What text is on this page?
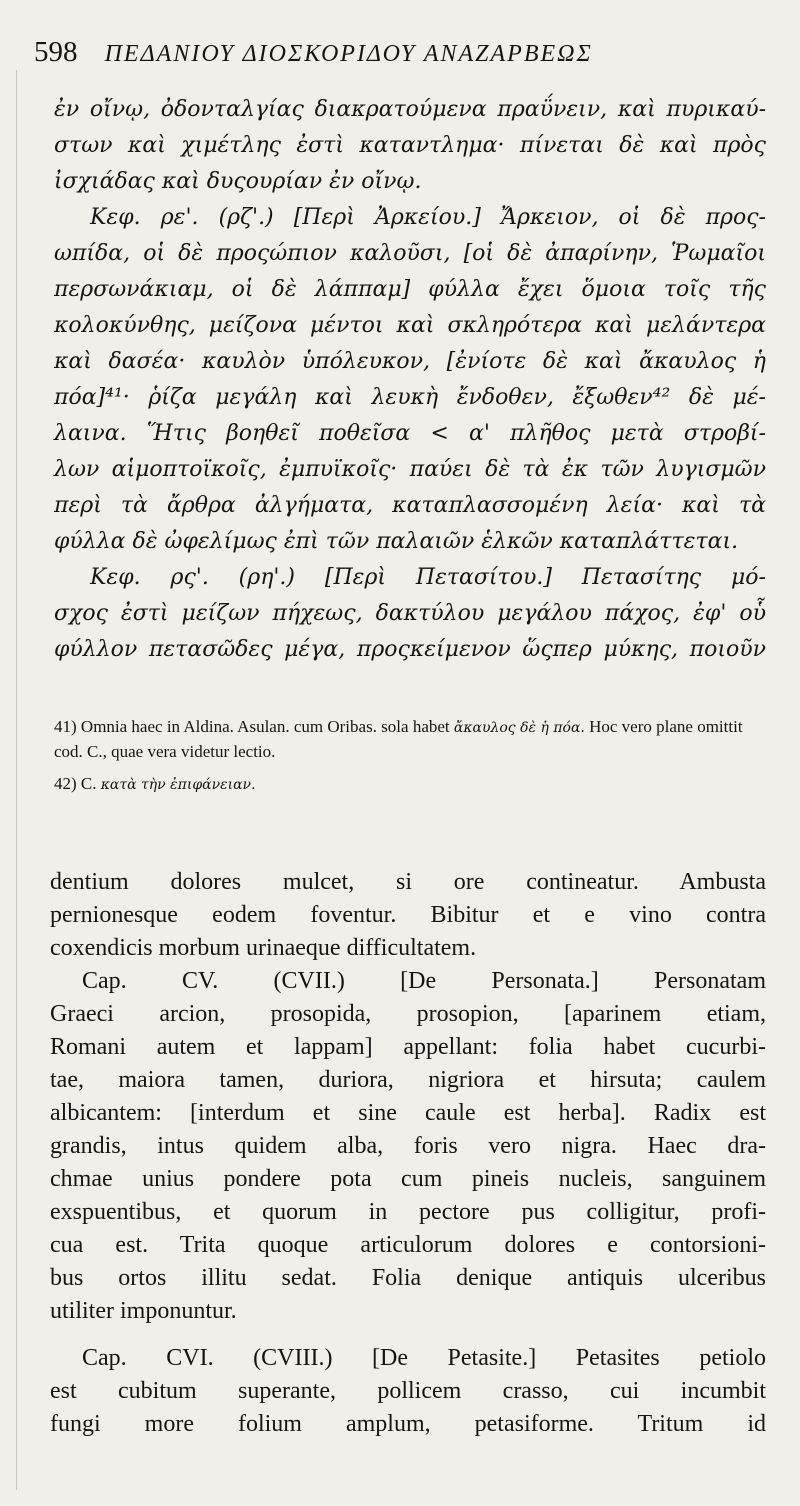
598 ΠΕΔΑΝΙΟΥ ΔΙΟΣΚΟΡΙΔΟΥ ΑΝΑΖΑΡΒΕΩΣ
ἐν οἴνῳ, ὀδονταλγίας διακρατούμενα πραΰνειν, καὶ πυρικαύ-
στων καὶ χιμέτλης ἐστὶ καταντλημα· πίνεται δὲ καὶ πρὸς
ἰσχιάδας καὶ δυςουρίαν ἐν οἴνῳ.
Κεφ. ρε'. (ρζ'.) [Περὶ Ἀρκείου.] Ἄρκειον, οἱ δὲ προς-
ωπίδα, οἱ δὲ προςώπιον καλοῦσι, [οἱ δὲ ἀπαρίνην, Ῥωμαῖοι
περσωνάκιαμ, οἱ δὲ λάππαμ] φύλλα ἔχει ὅμοια τοῖς τῆς
κολοκύνθης, μείζονα μέντοι καὶ σκληρότερα καὶ μελάντερα
καὶ δασέα· καυλὸν ὑπόλευκον, [ἐνίοτε δὲ καὶ ἄκαυλος ἡ
πόα]⁴¹· ῥίζα μεγάλη καὶ λευκὴ ἔνδοθεν, ἔξωθεν⁴² δὲ μέ-
λαινα. Ἥτις βοηθεῖ ποθεῖσα < α' πλῆθος μετὰ στροβί-
λων αἱμοπτοϊκοῖς, ἐμπυϊκοῖς· παύει δὲ τὰ ἐκ τῶν λυγισμῶν
περὶ τὰ ἄρθρα ἀλγήματα, καταπλασσομένη λεία· καὶ τὰ
φύλλα δὲ ὠφελίμως ἐπὶ τῶν παλαιῶν ἑλκῶν καταπλάττεται.
Κεφ. ρς'. (ρη'.) [Περὶ Πετασίτου.] Πετασίτης μό-
σχος ἐστὶ μείζων πήχεως, δακτύλου μεγάλου πάχος, ἐφ' οὗ
φύλλον πετασῶδες μέγα, προςκείμενον ὥςπερ μύκης, ποιοῦν
41) Omnia haec in Aldina. Asulan. cum Oribas. sola habet ἄκαυλος δὲ ἡ πόα. Hoc vero plane omittit cod. C., quae vera videtur lectio.
42) C. κατὰ τὴν ἐπιφάνειαν.
dentium dolores mulcet, si ore contineatur. Ambusta
pernionesque eodem foventur. Bibitur et e vino contra
coxendicis morbum urinaeque difficultatem.
Cap. CV. (CVII.) [De Personata.] Personatam
Graeci arcion, prosopida, prosopion, [aparinem etiam,
Romani autem et lappam] appellant: folia habet cucurbi-
tae, maiora tamen, duriora, nigriora et hirsuta; caulem
albicantem: [interdum et sine caule est herba]. Radix est
grandis, intus quidem alba, foris vero nigra. Haec dra-
chmae unius pondere pota cum pineis nucleis, sanguinem
exspuentibus, et quorum in pectore pus colligitur, profi-
cua est. Trita quoque articulorum dolores e contorsioni-
bus ortos illitu sedat. Folia denique antiquis ulceribus
utiliter imponuntur.
Cap. CVI. (CVIII.) [De Petasite.] Petasites petiolo
est cubitum superante, pollicem crasso, cui incumbit
fungi more folium amplum, petasiforme. Tritum id
